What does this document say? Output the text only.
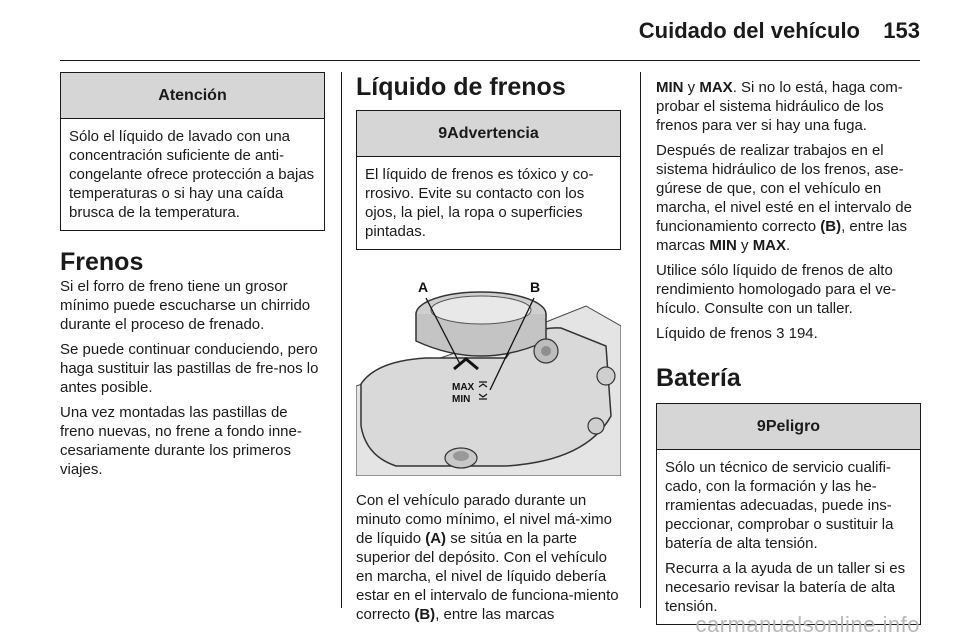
Cuidado del vehículo 153
Atención

Sólo el líquido de lavado con una concentración suficiente de anti-congelante ofrece protección a bajas temperaturas o si hay una caída brusca de la temperatura.

Frenos

Si el forro de freno tiene un grosor mínimo puede escucharse un chirrido durante el proceso de frenado.

Se puede continuar conduciendo, pero haga sustituir las pastillas de fre-nos lo antes posible.

Una vez montadas las pastillas de freno nuevas, no frene a fondo inne-cesariamente durante los primeros viajes.

Líquido de frenos
9Advertencia

El líquido de frenos es tóxico y co-rrosivo. Evite su contacto con los ojos, la piel, la ropa o superficies pintadas.

MAX
MIN
A	B

Con el vehículo parado durante un minuto como mínimo, el nivel má-ximo de líquido (A) se sitúa en la parte superior del depósito. Con el vehículo en marcha, el nivel de líquido debería estar en el intervalo de funciona-miento correcto (B), entre las marcas

MIN y MAX. Si no lo está, haga com-probar el sistema hidráulico de los frenos para ver si hay una fuga.

Después de realizar trabajos en el sistema hidráulico de los frenos, ase-gúrese de que, con el vehículo en marcha, el nivel esté en el intervalo de funcionamiento correcto (B), entre las marcas MIN y MAX.

Utilice sólo líquido de frenos de alto rendimiento homologado para el ve-hículo. Consulte con un taller.

Líquido de frenos 3 194.

Batería
9Peligro

Sólo un técnico de servicio cualifi-cado, con la formación y las he-rramientas adecuadas, puede ins-peccionar, comprobar o sustituir la batería de alta tensión.

Recurra a la ayuda de un taller si es necesario revisar la batería de alta tensión.

carmanualsonline.info
